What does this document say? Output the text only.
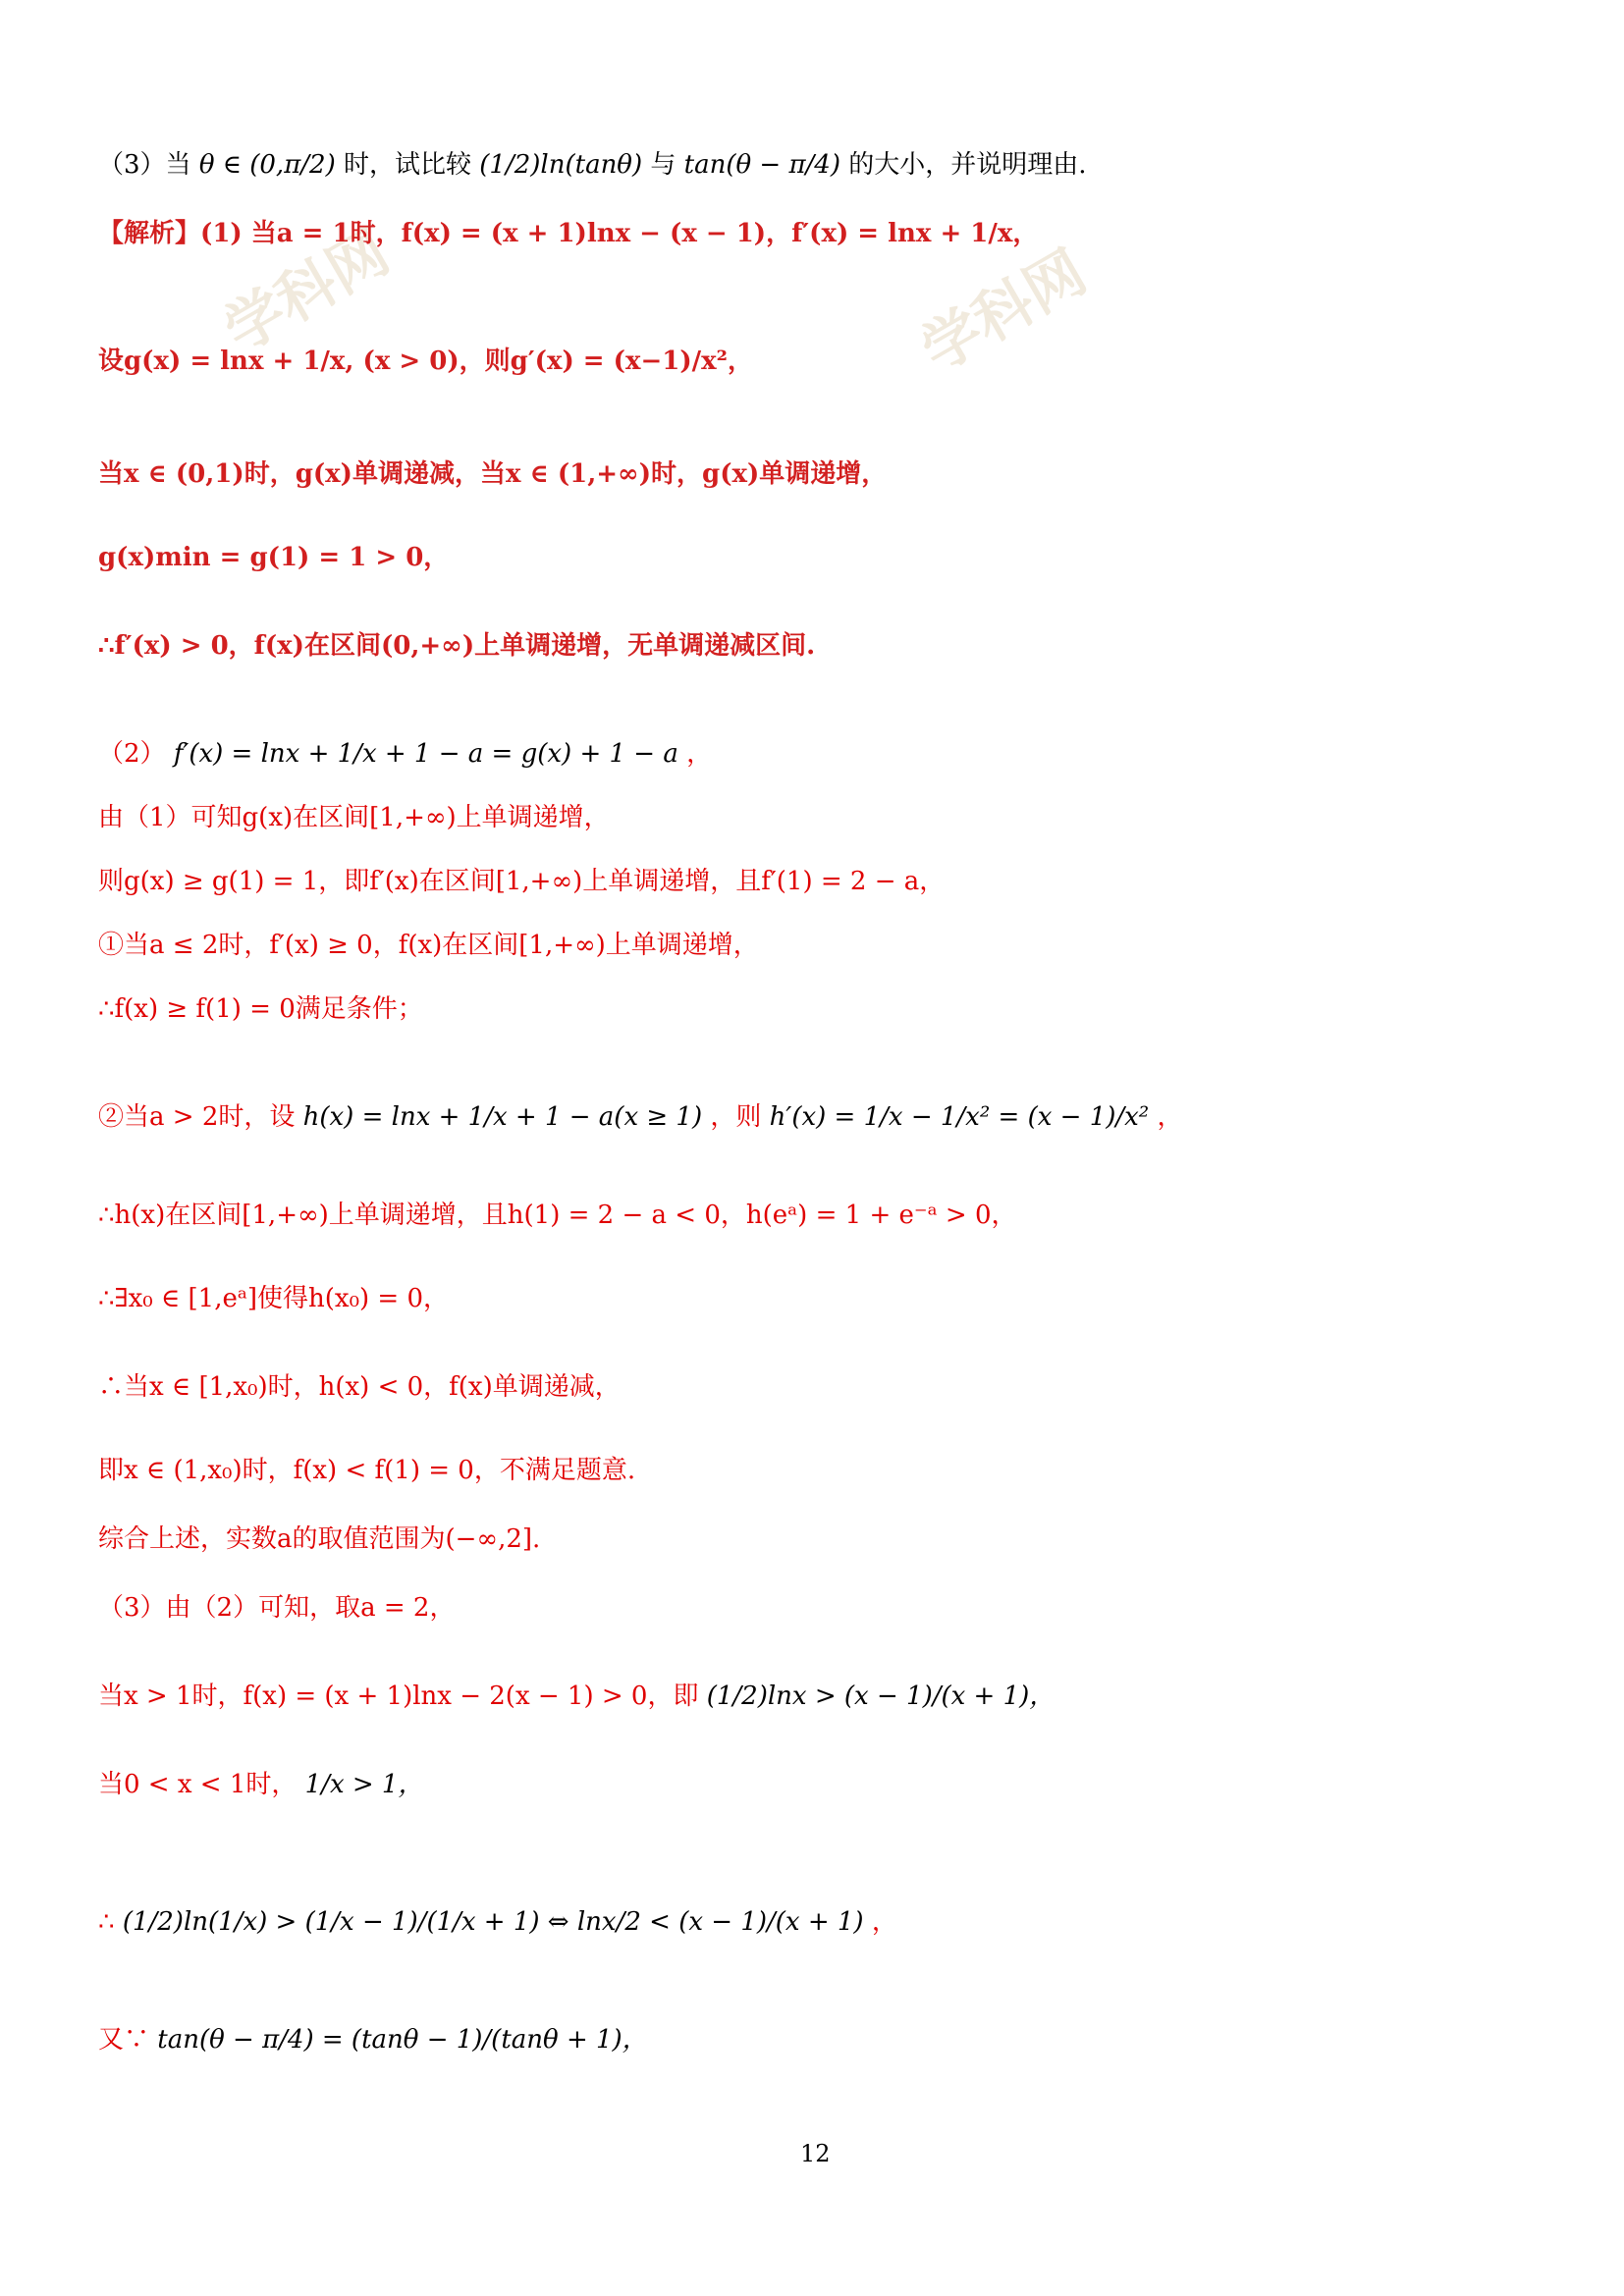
学科网	学科网
（3）当 θ ∈ (0,π/2) 时，试比较 (1/2)ln(tanθ) 与 tan(θ − π/4) 的大小，并说明理由.
【解析】(1) 当a = 1时，f(x) = (x + 1)lnx − (x − 1)，f′(x) = lnx + 1/x，
设g(x) = lnx + 1/x, (x > 0)，则g′(x) = (x−1)/x²，
当x ∈ (0,1)时，g(x)单调递减，当x ∈ (1,+∞)时，g(x)单调递增，
g(x)min = g(1) = 1 > 0，
∴f′(x) > 0，f(x)在区间(0,+∞)上单调递增，无单调递减区间.
（2） f′(x) = lnx + 1/x + 1 − a = g(x) + 1 − a ，
由（1）可知g(x)在区间[1,+∞)上单调递增，
则g(x) ≥ g(1) = 1，即f′(x)在区间[1,+∞)上单调递增，且f′(1) = 2 − a，
①当a ≤ 2时，f′(x) ≥ 0，f(x)在区间[1,+∞)上单调递增，
∴f(x) ≥ f(1) = 0满足条件；
②当a > 2时，设 h(x) = lnx + 1/x + 1 − a(x ≥ 1) ，则 h′(x) = 1/x − 1/x² = (x − 1)/x² ，
∴h(x)在区间[1,+∞)上单调递增，且h(1) = 2 − a < 0，h(eᵃ) = 1 + e⁻ᵃ > 0，
∴∃x₀ ∈ [1,eᵃ]使得h(x₀) = 0，
∴当x ∈ [1,x₀)时，h(x) < 0，f(x)单调递减，
即x ∈ (1,x₀)时，f(x) < f(1) = 0，不满足题意.
综合上述，实数a的取值范围为(−∞,2].
（3）由（2）可知，取a = 2，
当x > 1时，f(x) = (x + 1)lnx − 2(x − 1) > 0，即 (1/2)lnx > (x − 1)/(x + 1)，
当0 < x < 1时， 1/x > 1，
∴ (1/2)ln(1/x) > (1/x − 1)/(1/x + 1) ⇔ lnx/2 < (x − 1)/(x + 1) ，
又∵ tan(θ − π/4) = (tanθ − 1)/(tanθ + 1)，
12
